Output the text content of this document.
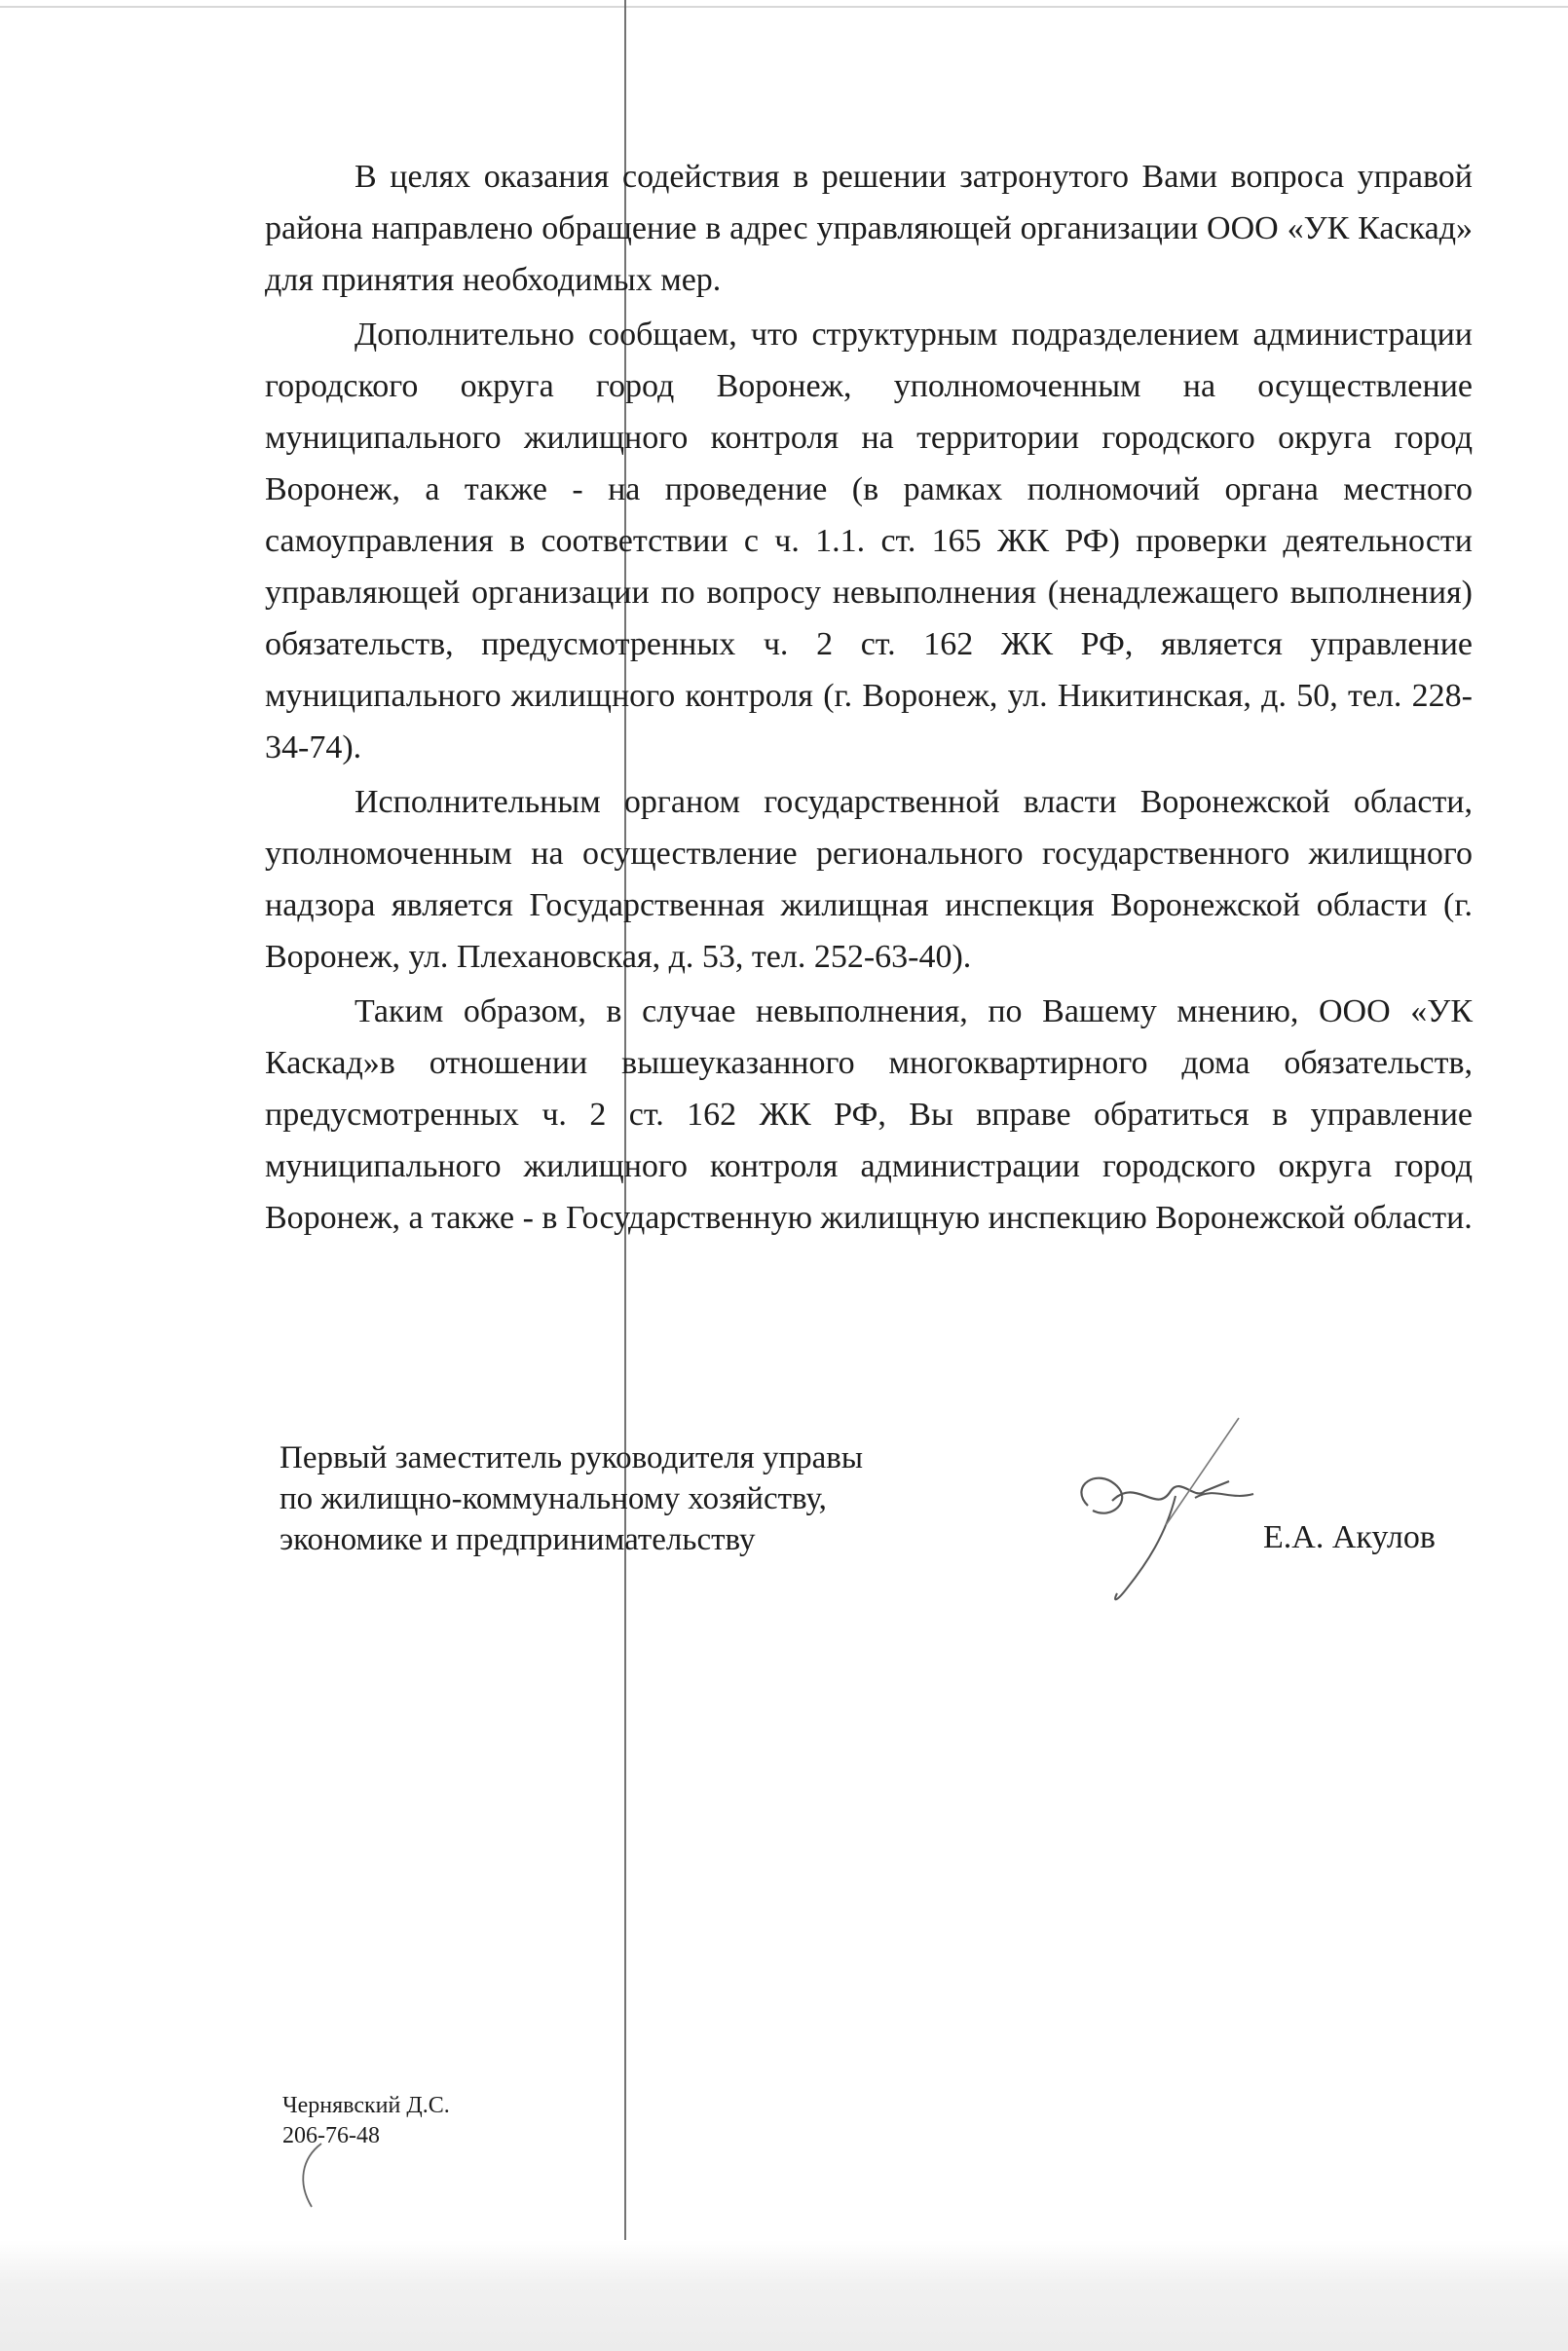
В целях оказания содействия в решении затронутого Вами вопроса управой района направлено обращение в адрес управляющей организации ООО «УК Каскад» для принятия необходимых мер.

Дополнительно сообщаем, что структурным подразделением администрации городского округа город Воронеж, уполномоченным на осуществление муниципального жилищного контроля на территории городского округа город Воронеж, а также - на проведение (в рамках полномочий органа местного самоуправления в соответствии с ч. 1.1. ст. 165 ЖК РФ) проверки деятельности управляющей организации по вопросу невыполнения (ненадлежащего выполнения) обязательств, предусмотренных ч. 2 ст. 162 ЖК РФ, является управление муниципального жилищного контроля (г. Воронеж, ул. Никитинская, д. 50, тел. 228-34-74).

Исполнительным органом государственной власти Воронежской области, уполномоченным на осуществление регионального государственного жилищного надзора является Государственная жилищная инспекция Воронежской области (г. Воронеж, ул. Плехановская, д. 53, тел. 252-63-40).

Таким образом, в случае невыполнения, по Вашему мнению, ООО «УК Каскад»в отношении вышеуказанного многоквартирного дома обязательств, предусмотренных ч. 2 ст. 162 ЖК РФ, Вы вправе обратиться в управление муниципального жилищного контроля администрации городского округа город Воронеж, а также - в Государственную жилищную инспекцию Воронежской области.

Первый заместитель руководителя управы
по жилищно-коммунальному хозяйству,
экономике и предпринимательству	Е.А. Акулов
Чернявский Д.С.
206-76-48
